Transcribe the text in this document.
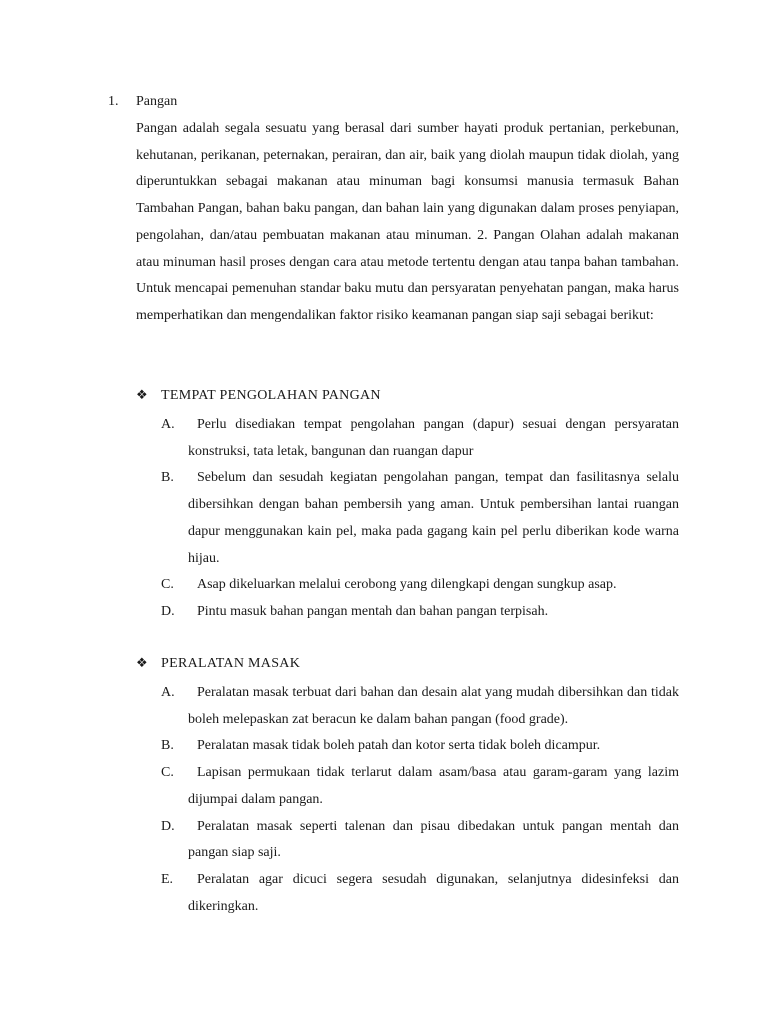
1. Pangan
Pangan adalah segala sesuatu yang berasal dari sumber hayati produk pertanian, perkebunan, kehutanan, perikanan, peternakan, perairan, dan air, baik yang diolah maupun tidak diolah, yang diperuntukkan sebagai makanan atau minuman bagi konsumsi manusia termasuk Bahan Tambahan Pangan, bahan baku pangan, dan bahan lain yang digunakan dalam proses penyiapan, pengolahan, dan/atau pembuatan makanan atau minuman. 2. Pangan Olahan adalah makanan atau minuman hasil proses dengan cara atau metode tertentu dengan atau tanpa bahan tambahan. Untuk mencapai pemenuhan standar baku mutu dan persyaratan penyehatan pangan, maka harus memperhatikan dan mengendalikan faktor risiko keamanan pangan siap saji sebagai berikut:
❖ TEMPAT PENGOLAHAN PANGAN
A.	Perlu disediakan tempat pengolahan pangan (dapur) sesuai dengan persyaratan konstruksi, tata letak, bangunan dan ruangan dapur
B.	Sebelum dan sesudah kegiatan pengolahan pangan, tempat dan fasilitasnya selalu dibersihkan dengan bahan pembersih yang aman. Untuk pembersihan lantai ruangan dapur menggunakan kain pel, maka pada gagang kain pel perlu diberikan kode warna hijau.
C.	Asap dikeluarkan melalui cerobong yang dilengkapi dengan sungkup asap.
D.	Pintu masuk bahan pangan mentah dan bahan pangan terpisah.
❖ PERALATAN MASAK
A.	Peralatan masak terbuat dari bahan dan desain alat yang mudah dibersihkan dan tidak boleh melepaskan zat beracun ke dalam bahan pangan (food grade).
B.	Peralatan masak tidak boleh patah dan kotor serta tidak boleh dicampur.
C.	Lapisan permukaan tidak terlarut dalam asam/basa atau garam-garam yang lazim dijumpai dalam pangan.
D.	Peralatan masak seperti talenan dan pisau dibedakan untuk pangan mentah dan pangan siap saji.
E.	Peralatan agar dicuci segera sesudah digunakan, selanjutnya didesinfeksi dan dikeringkan.
